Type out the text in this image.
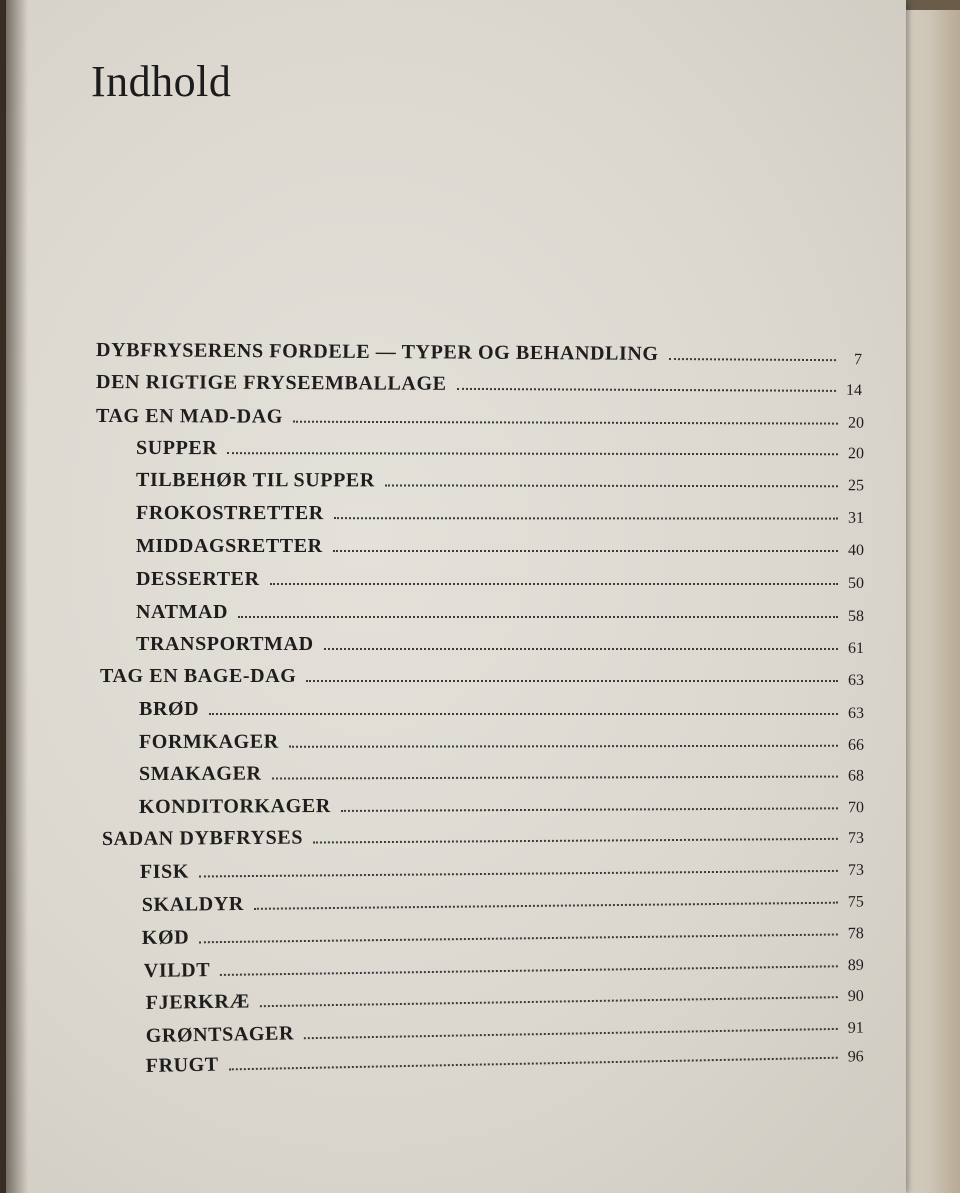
Indhold
DYBFRYSERENS FORDELE — TYPER OG BEHANDLING	7
DEN RIGTIGE FRYSEEMBALLAGE	14
TAG EN MAD-DAG	20
SUPPER	20
TILBEHØR TIL SUPPER	25
FROKOSTRETTER	31
MIDDAGSRETTER	40
DESSERTER	50
NATMAD	58
TRANSPORTMAD	61
TAG EN BAGE-DAG	63
BRØD	63
FORMKAGER	66
SMAKAGER	68
KONDITORKAGER	70
SADAN DYBFRYSES	73
FISK	73
SKALDYR	75
KØD	78
VILDT	89
FJERKRÆ	90
GRØNTSAGER	91
FRUGT	96
